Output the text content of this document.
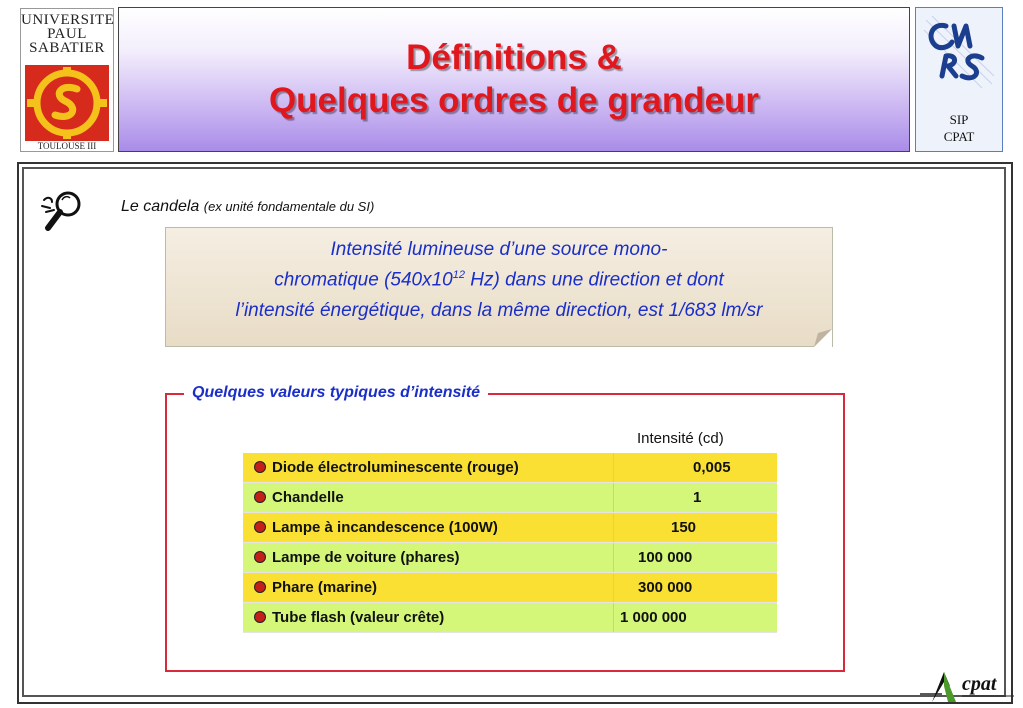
UNIVERSITE
PAUL
SABATIER
TOULOUSE III
Définitions &
Quelques ordres de grandeur	SIP
CPAT
Le candela (ex unité fondamentale du SI)
Intensité lumineuse d’une source mono-
chromatique ($540x10^{12}$ Hz) dans une direction et dont
l’intensité énergétique, dans la même direction, est 1/683 lm/sr
Quelques valeurs typiques d’intensité
Intensité (cd)
Diode électroluminescente (rouge)	0,005
Chandelle	1
Lampe à incandescence (100W)	150
Lampe de voiture (phares)	100 000
Phare (marine)	300 000
Tube flash (valeur crête)	1 000 000
cpat
